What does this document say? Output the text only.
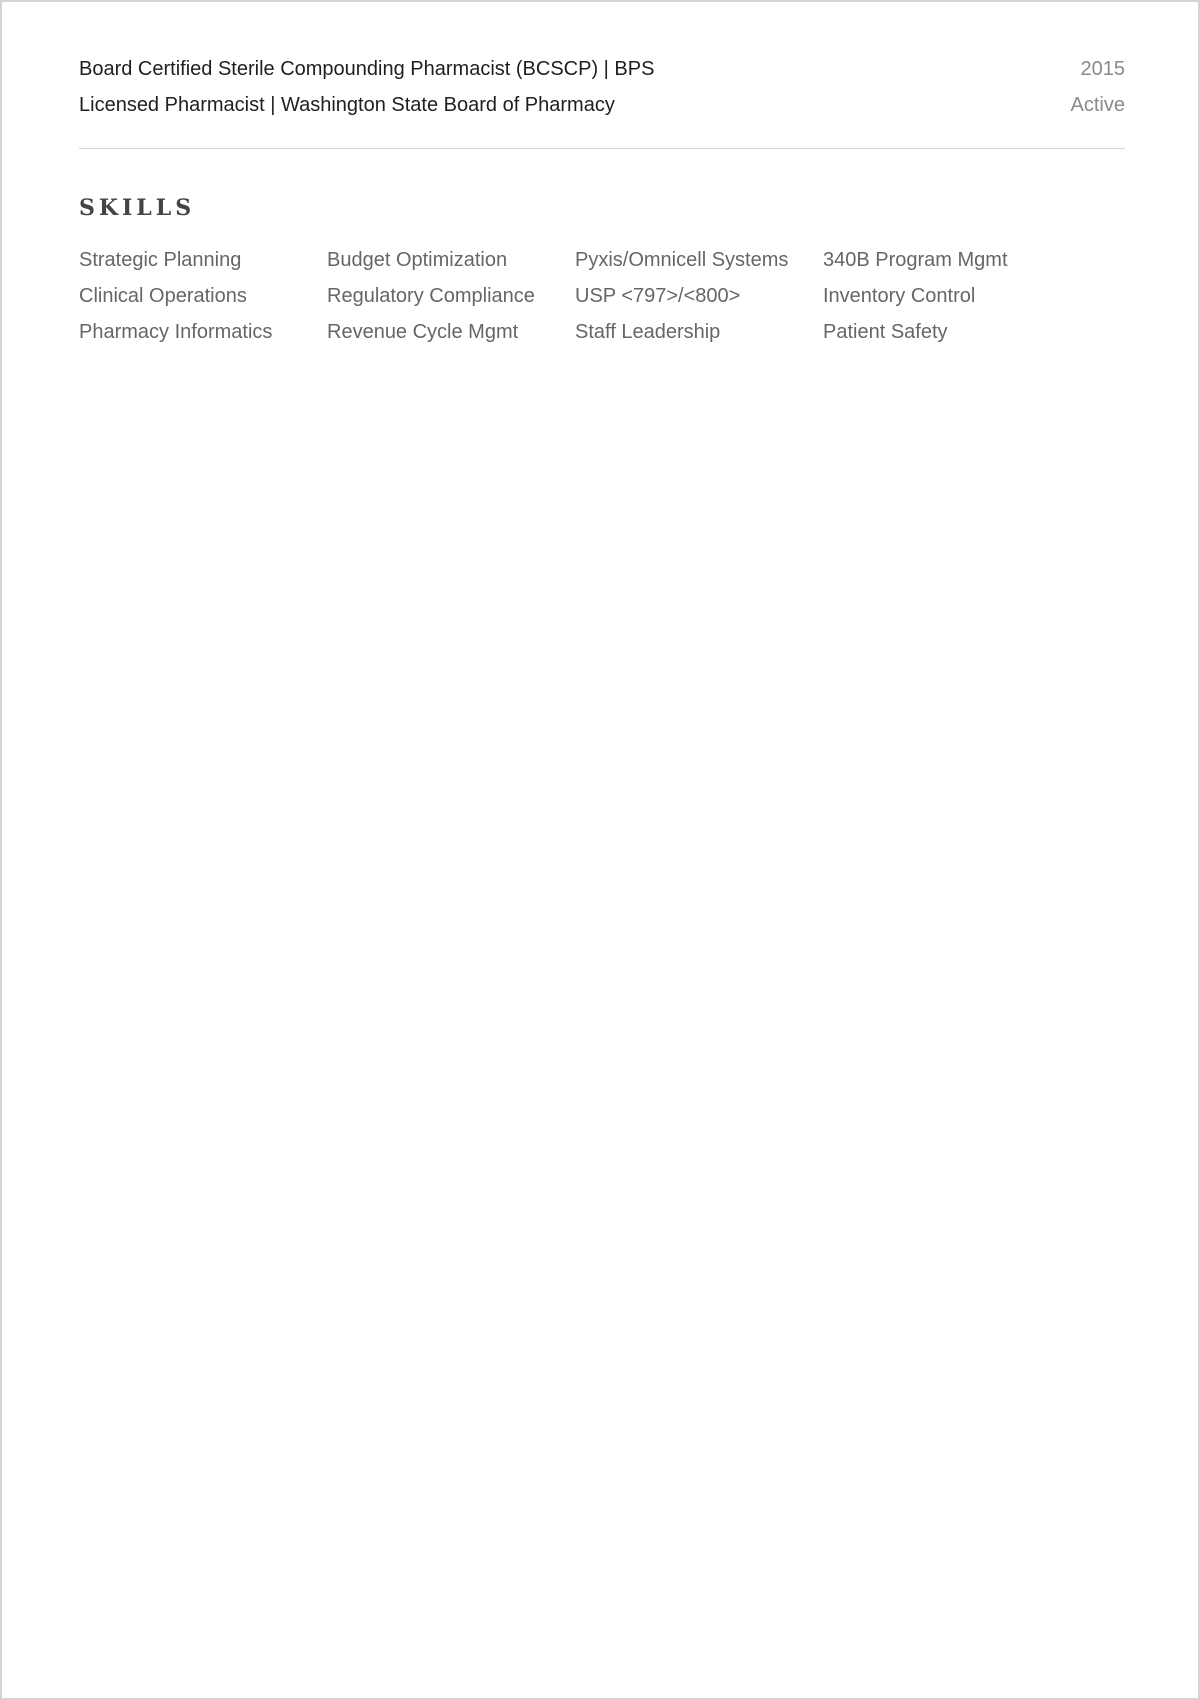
Board Certified Sterile Compounding Pharmacist (BCSCP) | BPS	2015
Licensed Pharmacist | Washington State Board of Pharmacy	Active
SKILLS
Strategic Planning	Budget Optimization	Pyxis/Omnicell Systems	340B Program Mgmt
Clinical Operations	Regulatory Compliance	USP <797>/<800>	Inventory Control
Pharmacy Informatics	Revenue Cycle Mgmt	Staff Leadership	Patient Safety
